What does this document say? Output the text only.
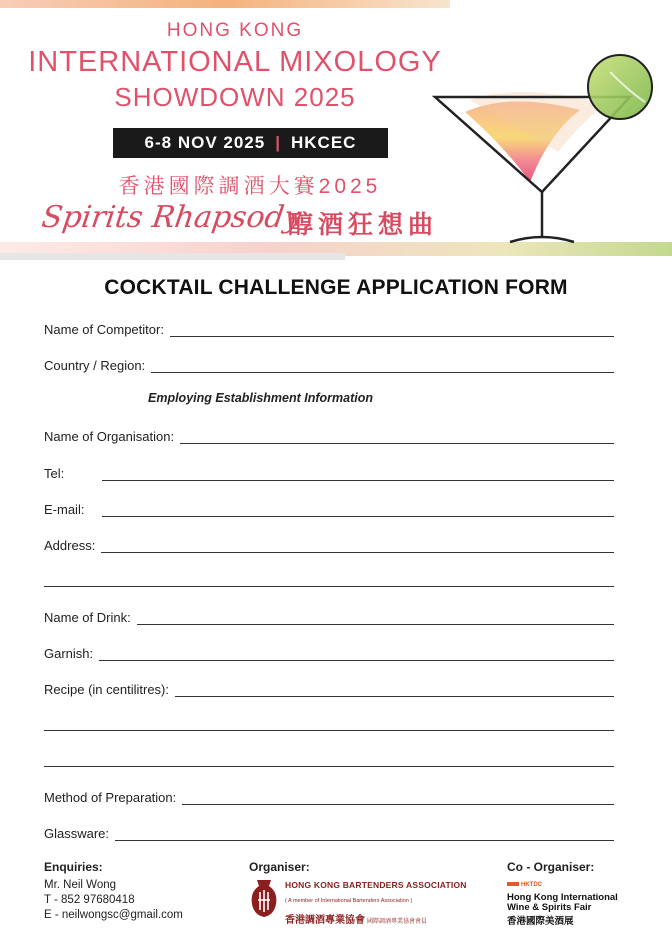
HONG KONG
INTERNATIONAL MIXOLOGY
SHOWDOWN 2025
6-8 NOV 2025 | HKCEC
香港國際調酒大賽2025
Spirits Rhapsody
醇酒狂想曲
COCKTAIL CHALLENGE APPLICATION FORM
Name of Competitor:
Country / Region:
Employing Establishment Information
Name of Organisation:
Tel:
E-mail:
Address:
Name of Drink:
Garnish:
Recipe (in centilitres):
Method of Preparation:
Glassware:
Enquiries:
Mr. Neil Wong
T - 852 97680418
E - neilwongsc@gmail.com
Organiser:
HONG KONG BARTENDERS ASSOCIATION
( A member of International Bartenders Association )
香港調酒專業協會 國際調酒專業協會會員
Co - Organiser:
HKTDC
Hong Kong International
Wine & Spirits Fair
香港國際美酒展
